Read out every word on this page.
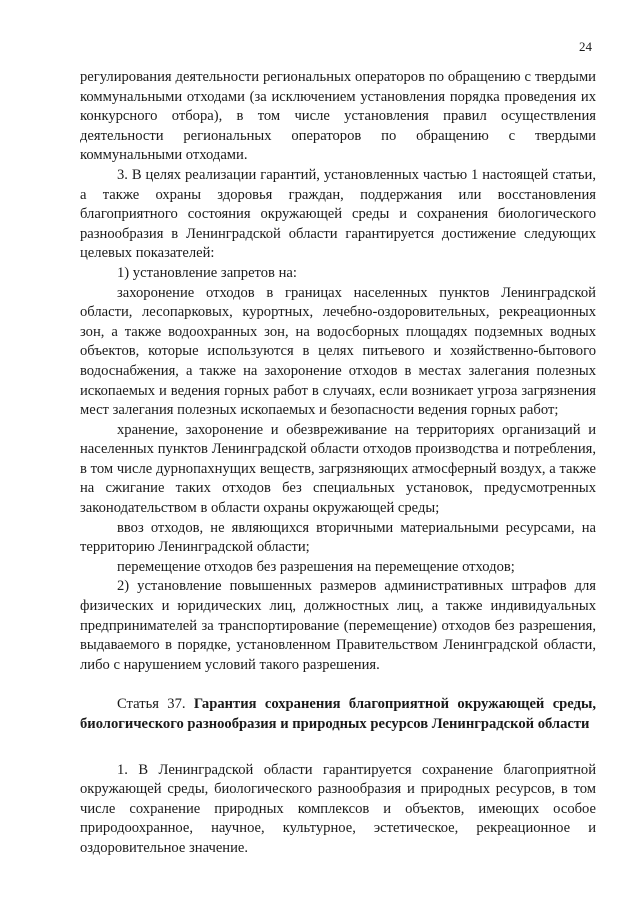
24

регулирования деятельности региональных операторов по обращению с твердыми коммунальными отходами (за исключением установления порядка проведения их конкурсного отбора), в том числе установления правил осуществления деятельности региональных операторов по обращению с твердыми коммунальными отходами.

3. В целях реализации гарантий, установленных частью 1 настоящей статьи, а также охраны здоровья граждан, поддержания или восстановления благоприятного состояния окружающей среды и сохранения биологического разнообразия в Ленинградской области гарантируется достижение следующих целевых показателей:

1) установление запретов на:

захоронение отходов в границах населенных пунктов Ленинградской области, лесопарковых, курортных, лечебно-оздоровительных, рекреационных зон, а также водоохранных зон, на водосборных площадях подземных водных объектов, которые используются в целях питьевого и хозяйственно-бытового водоснабжения, а также на захоронение отходов в местах залегания полезных ископаемых и ведения горных работ в случаях, если возникает угроза загрязнения мест залегания полезных ископаемых и безопасности ведения горных работ;

хранение, захоронение и обезвреживание на территориях организаций и населенных пунктов Ленинградской области отходов производства и потребления, в том числе дурнопахнущих веществ, загрязняющих атмосферный воздух, а также на сжигание таких отходов без специальных установок, предусмотренных законодательством в области охраны окружающей среды;

ввоз отходов, не являющихся вторичными материальными ресурсами, на территорию Ленинградской области;

перемещение отходов без разрешения на перемещение отходов;

2) установление повышенных размеров административных штрафов для физических и юридических лиц, должностных лиц, а также индивидуальных предпринимателей за транспортирование (перемещение) отходов без разрешения, выдаваемого в порядке, установленном Правительством Ленинградской области, либо с нарушением условий такого разрешения.

Статья 37. Гарантия сохранения благоприятной окружающей среды, биологического разнообразия и природных ресурсов Ленинградской области

1. В Ленинградской области гарантируется сохранение благоприятной окружающей среды, биологического разнообразия и природных ресурсов, в том числе сохранение природных комплексов и объектов, имеющих особое природоохранное, научное, культурное, эстетическое, рекреационное и оздоровительное значение.
